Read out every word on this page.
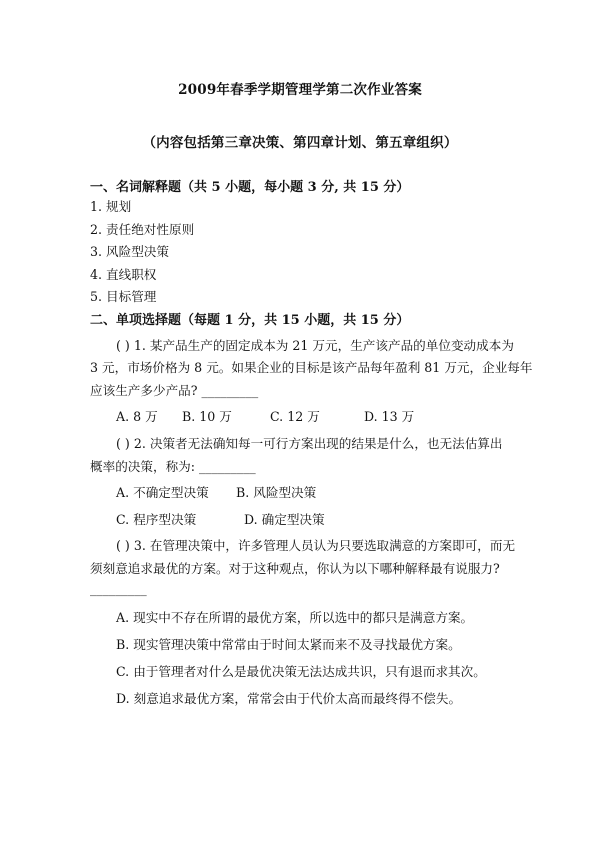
2009年春季学期管理学第二次作业答案
（内容包括第三章决策、第四章计划、第五章组织）
一、名词解释题（共 5 小题，每小题 3 分, 共 15 分）
1. 规划
2. 责任绝对性原则
3. 风险型决策
4. 直线职权
5. 目标管理
二、单项选择题（每题 1 分，共 15 小题，共 15 分）
( ) 1. 某产品生产的固定成本为 21 万元，生产该产品的单位变动成本为
3 元，市场价格为 8 元。如果企业的目标是该产品每年盈利 81 万元，企业每年
应该生产多少产品? _________
A. 8 万 B. 10 万	C. 12 万	D. 13 万
( ) 2. 决策者无法确知每一可行方案出现的结果是什么，也无法估算出
概率的决策，称为: _________
A. 不确定型决策 B. 风险型决策
C. 程序型决策	D. 确定型决策
( ) 3. 在管理决策中，许多管理人员认为只要选取满意的方案即可，而无
须刻意追求最优的方案。对于这种观点，你认为以下哪种解释最有说服力?
_________
A. 现实中不存在所谓的最优方案，所以选中的都只是满意方案。
B. 现实管理决策中常常由于时间太紧而来不及寻找最优方案。
C. 由于管理者对什么是最优决策无法达成共识，只有退而求其次。
D. 刻意追求最优方案，常常会由于代价太高而最终得不偿失。
